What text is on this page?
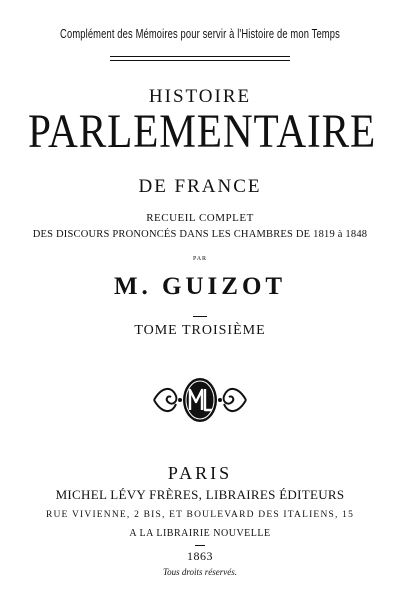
Complément des Mémoires pour servir à l'Histoire de mon Temps
HISTOIRE
PARLEMENTAIRE
DE FRANCE
RECUEIL COMPLET
DES DISCOURS PRONONCÉS DANS LES CHAMBRES DE 1819 à 1848
PAR
M. GUIZOT
TOME TROISIÈME
PARIS
MICHEL LÉVY FRÈRES, LIBRAIRES ÉDITEURS
RUE VIVIENNE, 2 BIS, ET BOULEVARD DES ITALIENS, 15
A LA LIBRAIRIE NOUVELLE
1863
Tous droits réservés.
